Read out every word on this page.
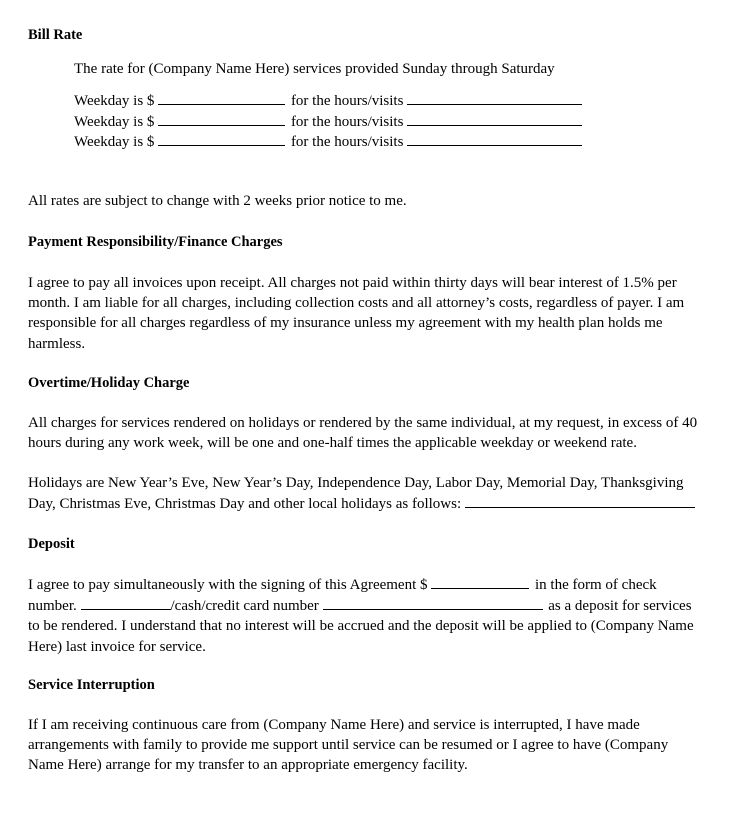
Bill Rate
The rate for (Company Name Here) services provided Sunday through Saturday
Weekday is $	for the hours/visits
Weekday is $	for the hours/visits
Weekday is $	for the hours/visits
All rates are subject to change with 2 weeks prior notice to me.
Payment Responsibility/Finance Charges
I agree to pay all invoices upon receipt. All charges not paid within thirty days will bear interest of 1.5% per
month. I am liable for all charges, including collection costs and all attorney’s costs, regardless of payer. I am
responsible for all charges regardless of my insurance unless my agreement with my health plan holds me
harmless.
Overtime/Holiday Charge
All charges for services rendered on holidays or rendered by the same individual, at my request, in excess of 40
hours during any work week, will be one and one-half times the applicable weekday or weekend rate.
Holidays are New Year’s Eve, New Year’s Day, Independence Day, Labor Day, Memorial Day, Thanksgiving
Day, Christmas Eve, Christmas Day and other local holidays as follows:
Deposit
I agree to pay simultaneously with the signing of this Agreement $	in the form of check
number.	/cash/credit card number	as a deposit for services
to be rendered. I understand that no interest will be accrued and the deposit will be applied to (Company Name
Here) last invoice for service.
Service Interruption
If I am receiving continuous care from (Company Name Here) and service is interrupted, I have made
arrangements with family to provide me support until service can be resumed or I agree to have (Company
Name Here) arrange for my transfer to an appropriate emergency facility.
